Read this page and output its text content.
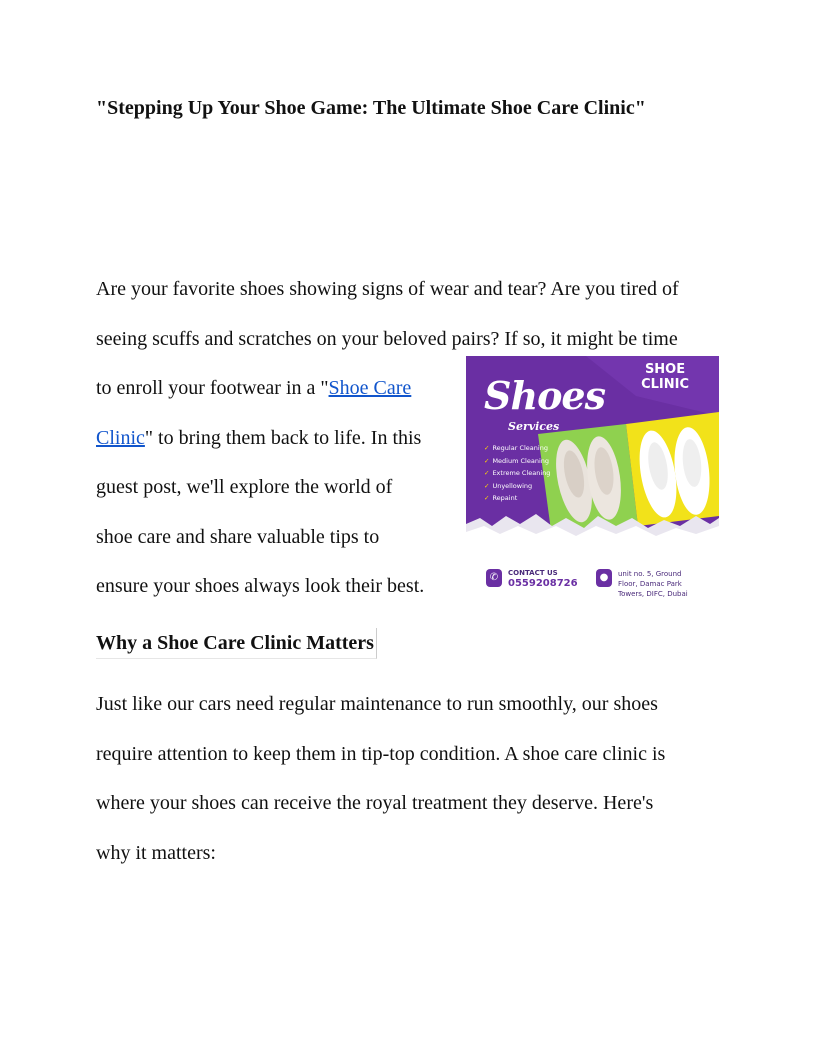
"Stepping Up Your Shoe Game: The Ultimate Shoe Care Clinic"

Are your favorite shoes showing signs of wear and tear? Are you tired of
seeing scuffs and scratches on your beloved pairs? If so, it might be time
to enroll your footwear in a "Shoe Care
Clinic" to bring them back to life. In this
guest post, we'll explore the world of
shoe care and share valuable tips to
ensure your shoes always look their best.

SHOE
CLINIC
Shoes
Services
✓ Regular Cleaning
✓ Medium Cleaning
✓ Extreme Cleaning
✓ Unyellowing
✓ Repaint
✆	CONTACT US
0559208726
●	unit no. 5, Ground
Floor, Damac Park
Towers, DIFC, Dubai
Why a Shoe Care Clinic Matters

Just like our cars need regular maintenance to run smoothly, our shoes
require attention to keep them in tip-top condition. A shoe care clinic is
where your shoes can receive the royal treatment they deserve. Here's
why it matters:
